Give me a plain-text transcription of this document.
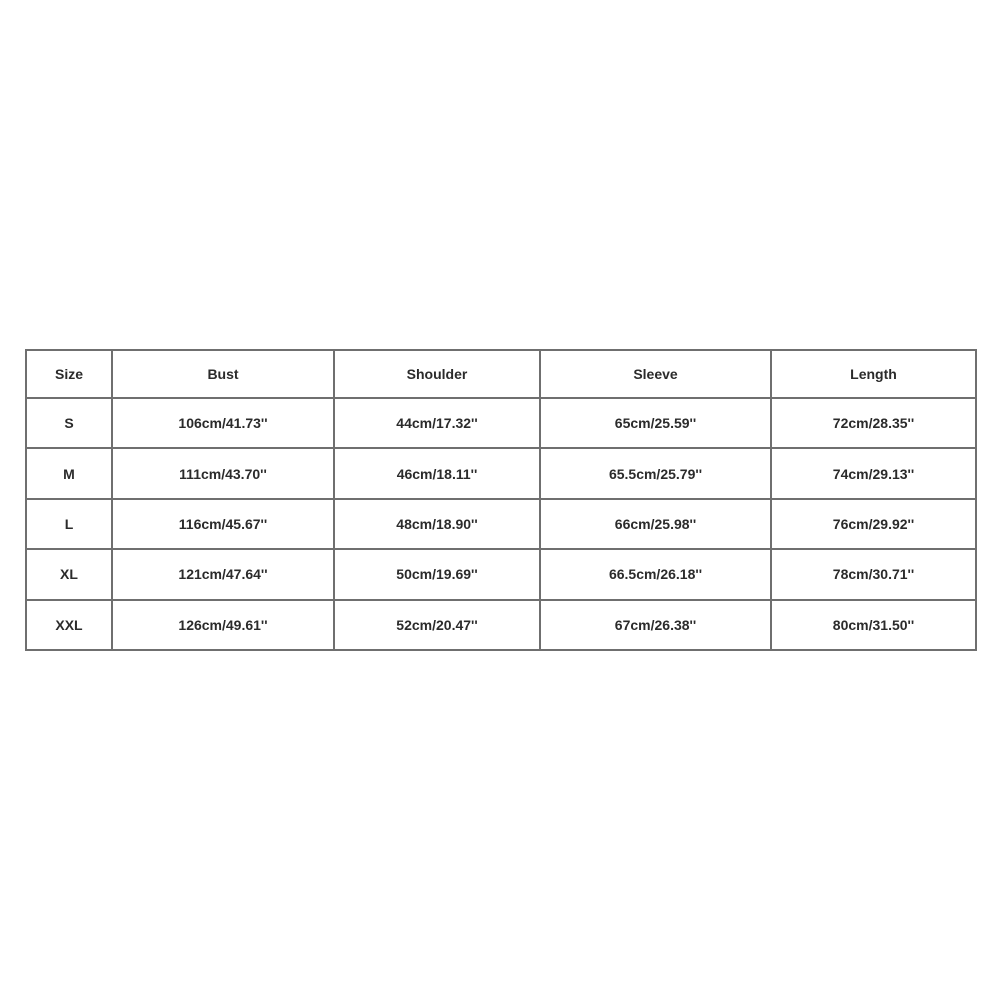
Size	Bust	Shoulder	Sleeve	Length
S	106cm/41.73''	44cm/17.32''	65cm/25.59''	72cm/28.35''
M	111cm/43.70''	46cm/18.11''	65.5cm/25.79''	74cm/29.13''
L	116cm/45.67''	48cm/18.90''	66cm/25.98''	76cm/29.92''
XL	121cm/47.64''	50cm/19.69''	66.5cm/26.18''	78cm/30.71''
XXL	126cm/49.61''	52cm/20.47''	67cm/26.38''	80cm/31.50''
